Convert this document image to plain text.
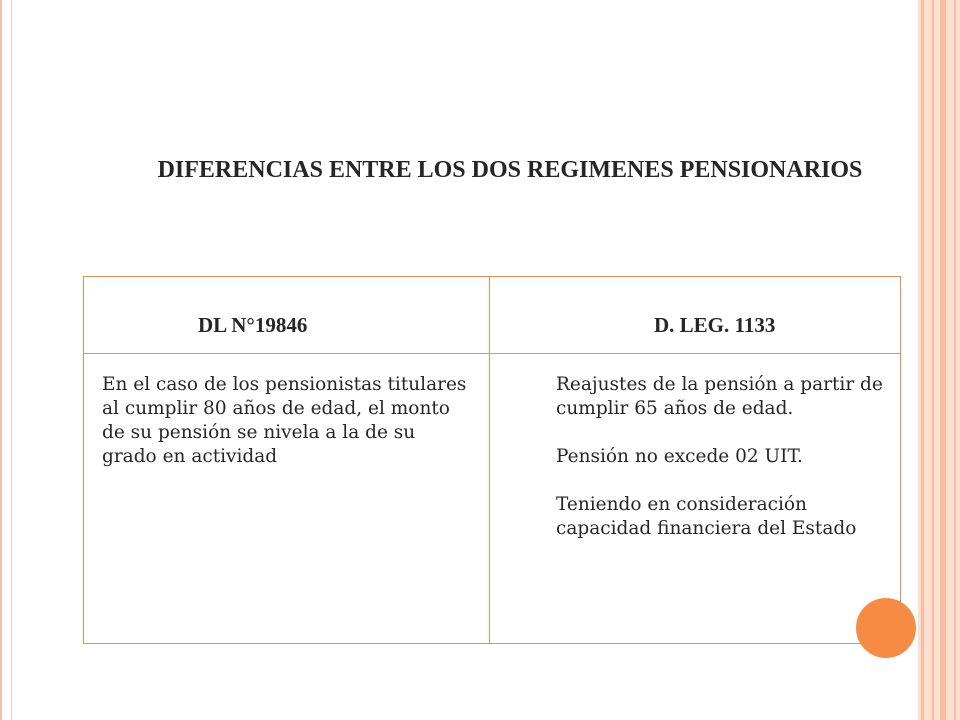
DIFERENCIAS ENTRE LOS DOS REGIMENES PENSIONARIOS
DL N°19846	D. LEG. 1133
En el caso de los pensionistas titulares al cumplir 80 años de edad, el monto de su pensión se nivela a la de su grado en actividad

Reajustes de la pensión a partir de cumplir 65 años de edad.

Pensión no excede 02 UIT.

Teniendo en consideración capacidad financiera del Estado
